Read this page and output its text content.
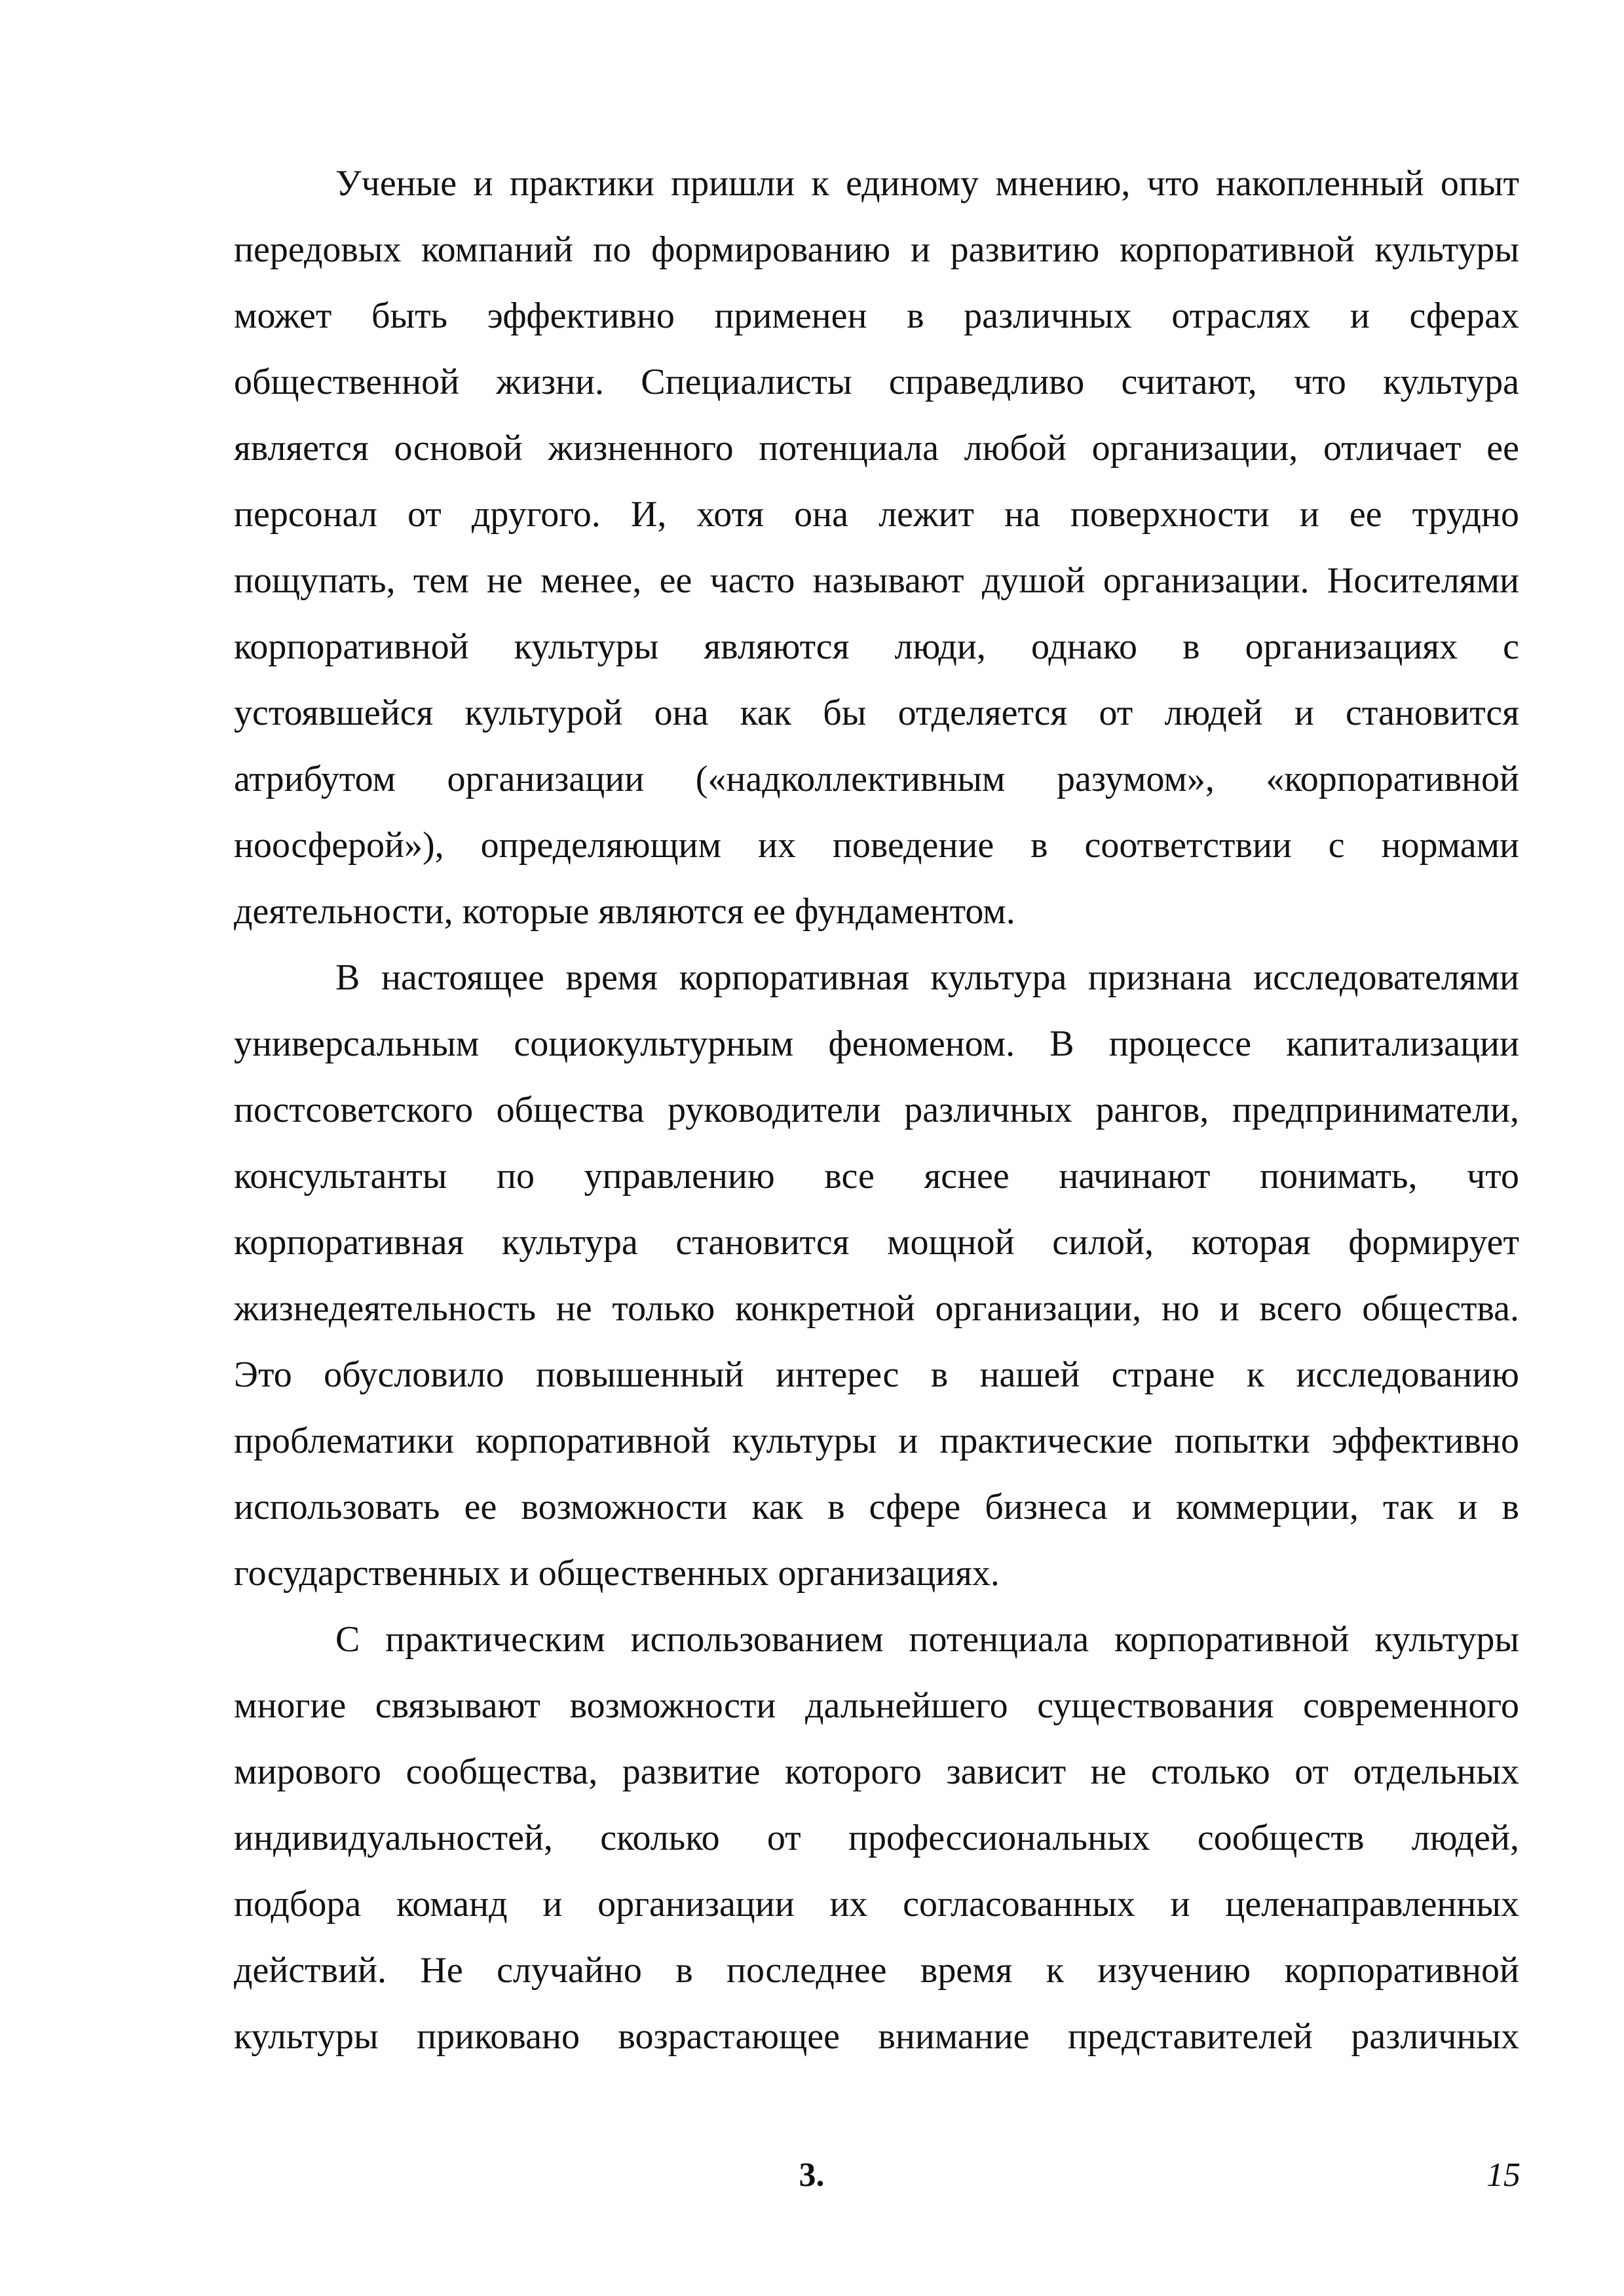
Ученые и практики пришли к единому мнению, что накопленный опыт
передовых компаний по формированию и развитию корпоративной культуры
может быть эффективно применен в различных отраслях и сферах
общественной жизни. Специалисты справедливо считают, что культура
является основой жизненного потенциала любой организации, отличает ее
персонал от другого. И, хотя она лежит на поверхности и ее трудно
пощупать, тем не менее, ее часто называют душой организации. Носителями
корпоративной культуры являются люди, однако в организациях с
устоявшейся культурой она как бы отделяется от людей и становится
атрибутом организации («надколлективным разумом», «корпоративной
ноосферой»), определяющим их поведение в соответствии с нормами
деятельности, которые являются ее фундаментом.
В настоящее время корпоративная культура признана исследователями
универсальным социокультурным феноменом. В процессе капитализации
постсоветского общества руководители различных рангов, предприниматели,
консультанты по управлению все яснее начинают понимать, что
корпоративная культура становится мощной силой, которая формирует
жизнедеятельность не только конкретной организации, но и всего общества.
Это обусловило повышенный интерес в нашей стране к исследованию
проблематики корпоративной культуры и практические попытки эффективно
использовать ее возможности как в сфере бизнеса и коммерции, так и в
государственных и общественных организациях.
С практическим использованием потенциала корпоративной культуры
многие связывают возможности дальнейшего существования современного
мирового сообщества, развитие которого зависит не столько от отдельных
индивидуальностей, сколько от профессиональных сообществ людей,
подбора команд и организации их согласованных и целенаправленных
действий. Не случайно в последнее время к изучению корпоративной
культуры приковано возрастающее внимание представителей различных
3.	15
